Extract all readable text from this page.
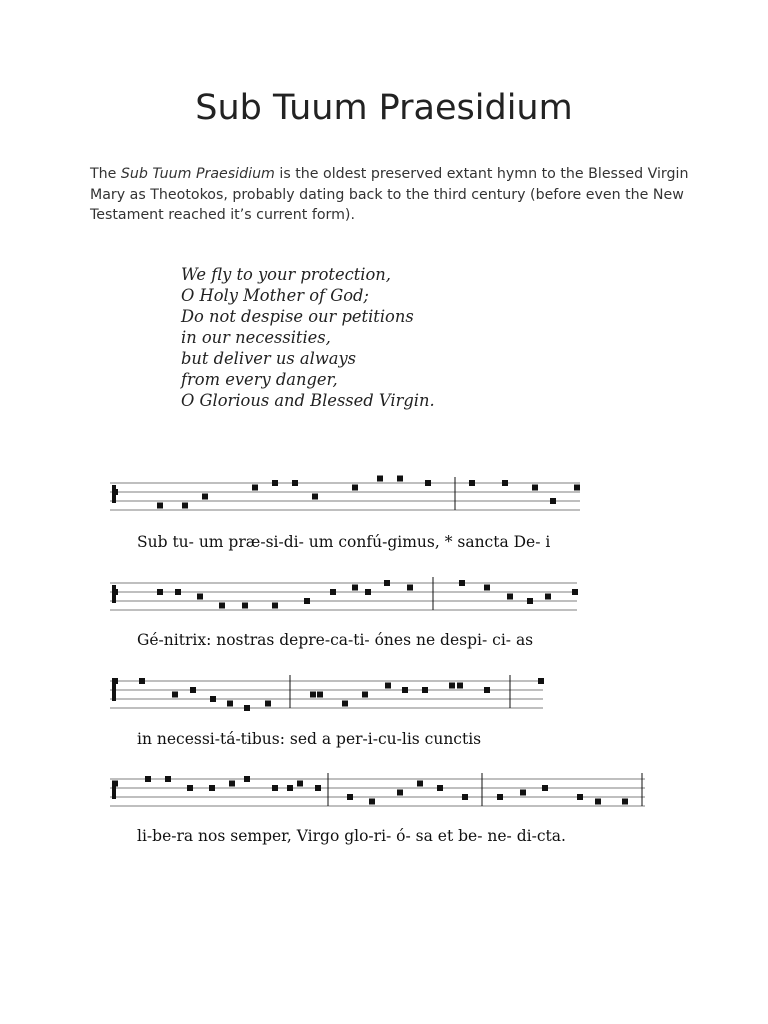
Sub Tuum Praesidium

The Sub Tuum Praesidium is the oldest preserved extant hymn to the Blessed Virgin Mary as Theotokos, probably dating back to the third century (before even the New Testament reached it’s current form).

We fly to your protection,
O Holy Mother of God;
Do not despise our petitions
in our necessities,
but deliver us always
from every danger,
O Glorious and Blessed Virgin.
Sub tu- um præ-si-di- um confú-gimus, * sancta De- i
Gé-nitrix: nostras depre-ca-ti- ónes ne despi- ci- as
in necessi-tá-tibus: sed a per-i-cu-lis cunctis
li-be-ra nos semper, Virgo glo-ri- ó- sa et be- ne- di-cta.
